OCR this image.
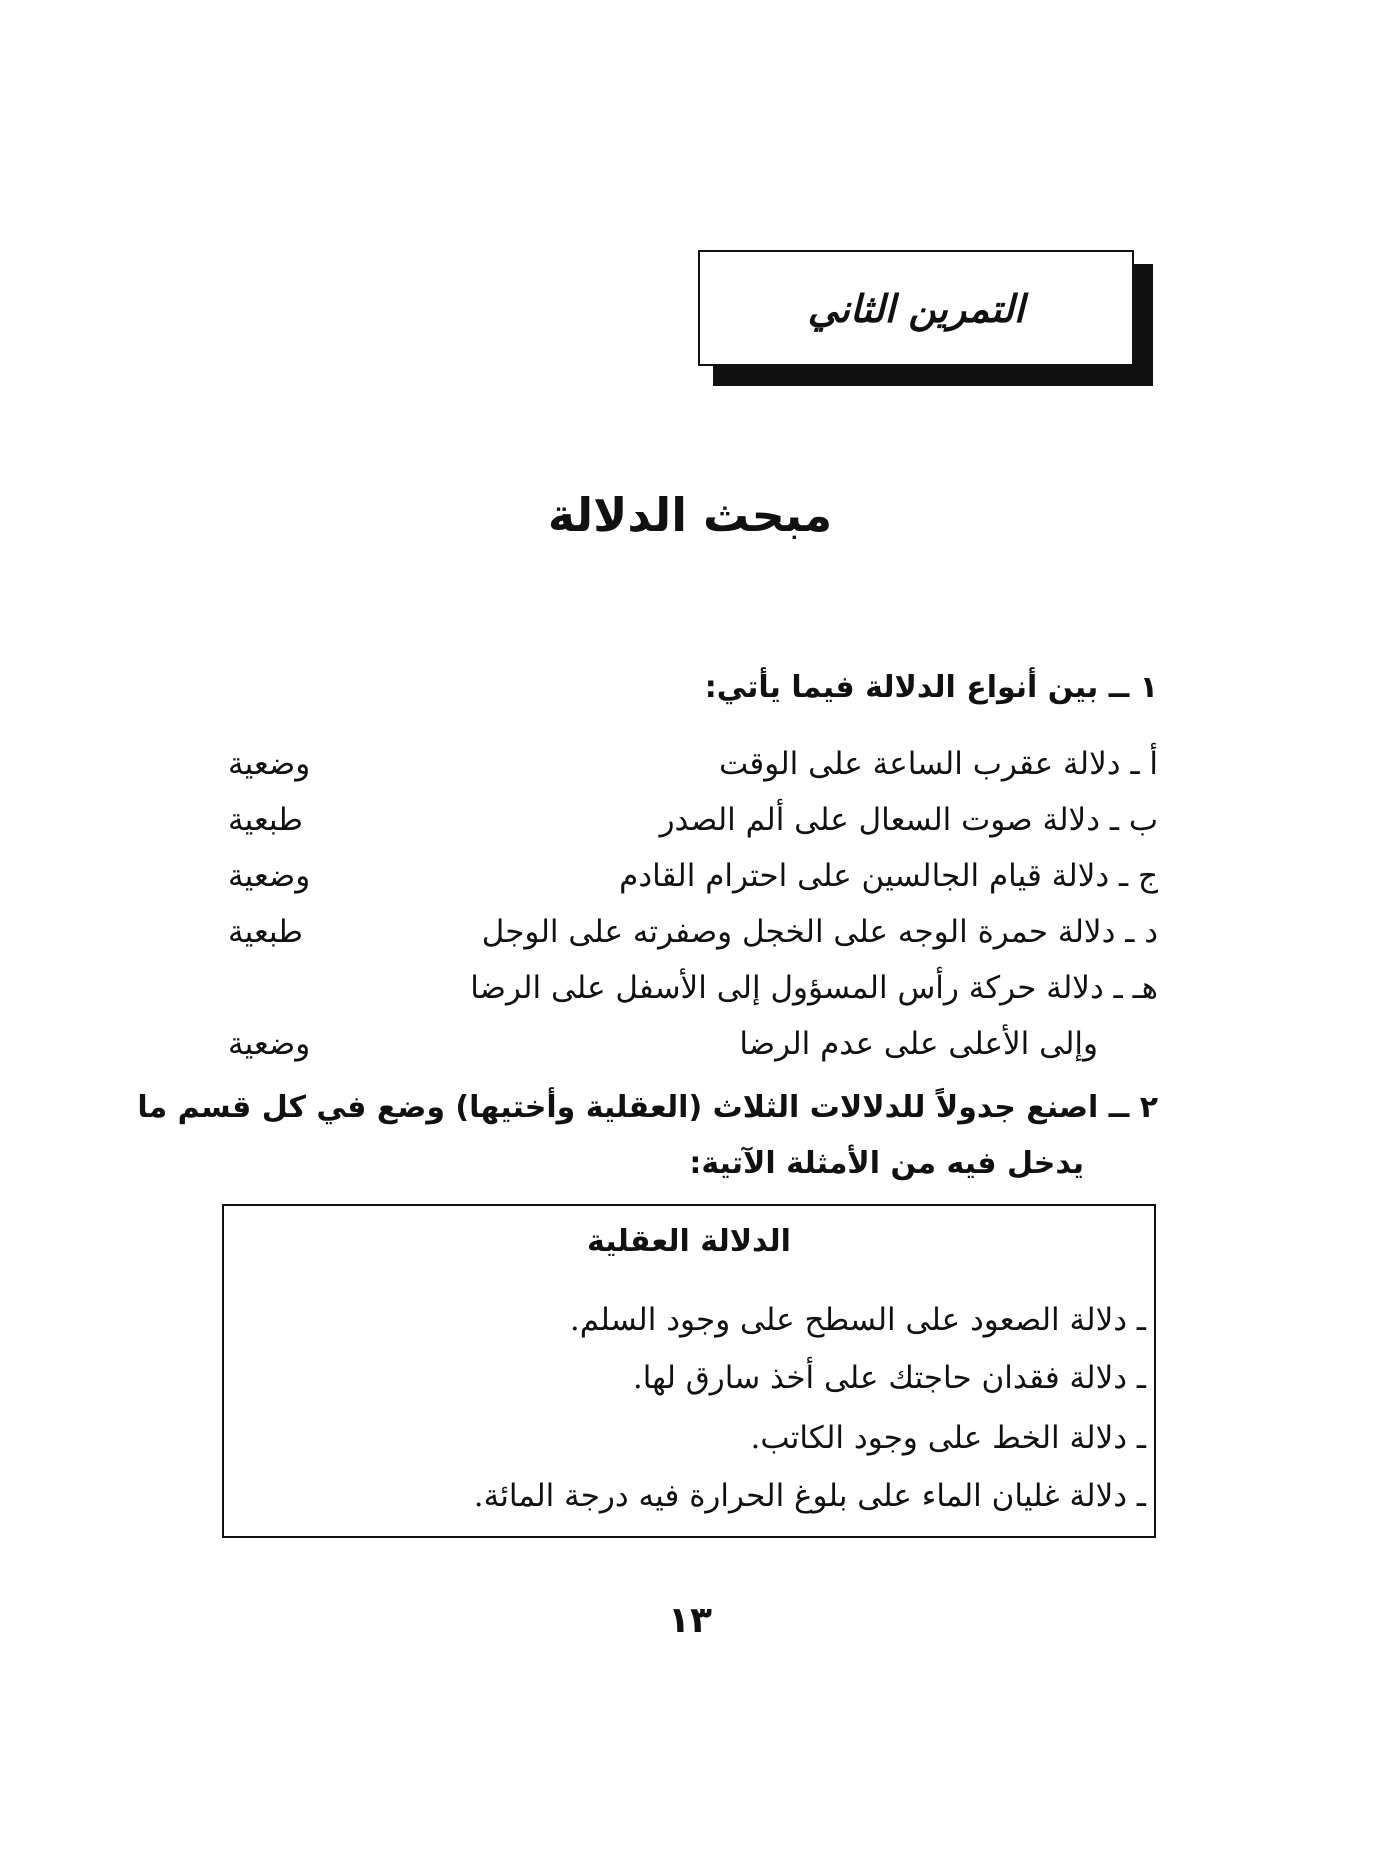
التمرين الثاني
مبحث الدلالة
١ ــ بين أنواع الدلالة فيما يأتي:
أ ـ دلالة عقرب الساعة على الوقت
وضعية
ب ـ دلالة صوت السعال على ألم الصدر
طبعية
ج ـ دلالة قيام الجالسين على احترام القادم
وضعية
د ـ دلالة حمرة الوجه على الخجل وصفرته على الوجل
طبعية
هـ ـ دلالة حركة رأس المسؤول إلى الأسفل على الرضا
وإلى الأعلى على عدم الرضا
وضعية
٢ ــ اصنع جدولاً للدلالات الثلاث (العقلية وأختيها) وضع في كل قسم ما
يدخل فيه من الأمثلة الآتية:
الدلالة العقلية
ـ دلالة الصعود على السطح على وجود السلم.
ـ دلالة فقدان حاجتك على أخذ سارق لها.
ـ دلالة الخط على وجود الكاتب.
ـ دلالة غليان الماء على بلوغ الحرارة فيه درجة المائة.
١٣
